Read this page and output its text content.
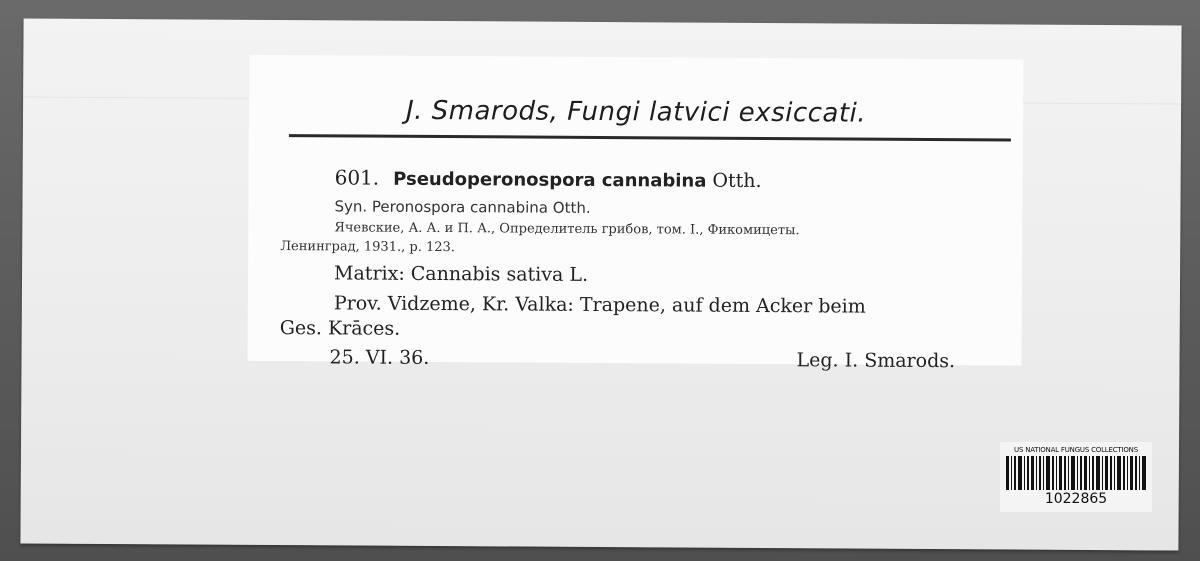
J. Smarods, Fungi latvici exsiccati.
601. Pseudoperonospora cannabina Otth.
Syn. Peronospora cannabina Otth.
Ячевские, А. А. и П. А., Определитель грибов, том. І., Фикомицеты.
Ленинград, 1931., р. 123.
Matrix: Cannabis sativa L.
Prov. Vidzeme, Kr. Valka: Trapene, auf dem Acker beim
Ges. Krāces.
25. VI. 36.	Leg. I. Smarods.
US NATIONAL FUNGUS COLLECTIONS
1022865
